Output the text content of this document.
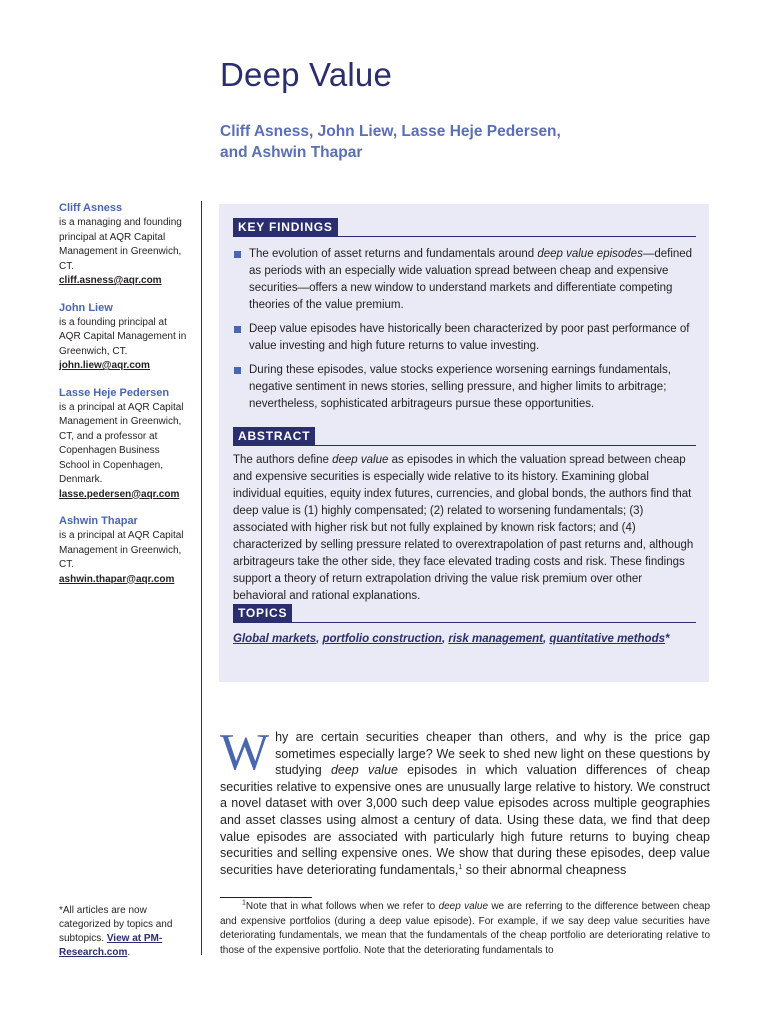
Deep Value
Cliff Asness, John Liew, Lasse Heje Pedersen,
and Ashwin Thapar
Cliff Asness
is a managing and founding principal at AQR Capital Management in Greenwich, CT.
cliff.asness@aqr.com
John Liew
is a founding principal at AQR Capital Management in Greenwich, CT.
john.liew@aqr.com
Lasse Heje Pedersen
is a principal at AQR Capital Management in Greenwich, CT, and a professor at Copenhagen Business School in Copenhagen, Denmark.
lasse.pedersen@aqr.com
Ashwin Thapar
is a principal at AQR Capital Management in Greenwich, CT.
ashwin.thapar@aqr.com
*All articles are now categorized by topics and subtopics. View at PM-Research.com.
KEY FINDINGS
The evolution of asset returns and fundamentals around deep value episodes—defined as periods with an especially wide valuation spread between cheap and expensive securities—offers a new window to understand markets and differentiate competing theories of the value premium.
Deep value episodes have historically been characterized by poor past performance of value investing and high future returns to value investing.
During these episodes, value stocks experience worsening earnings fundamentals, negative sentiment in news stories, selling pressure, and higher limits to arbitrage; nevertheless, sophisticated arbitrageurs pursue these opportunities.
ABSTRACT
The authors define deep value as episodes in which the valuation spread between cheap and expensive securities is especially wide relative to its history. Examining global individual equities, equity index futures, currencies, and global bonds, the authors find that deep value is (1) highly compensated; (2) related to worsening fundamentals; (3) associated with higher risk but not fully explained by known risk factors; and (4) characterized by selling pressure related to overextrapolation of past returns and, although arbitrageurs take the other side, they face elevated trading costs and risk. These findings support a theory of return extrapolation driving the value risk premium over other behavioral and rational explanations.
TOPICS
Global markets, portfolio construction, risk management, quantitative methods*
Why are certain securities cheaper than others, and why is the price gap sometimes especially large? We seek to shed new light on these questions by studying deep value episodes in which valuation differences of cheap securities relative to expensive ones are unusually large relative to history. We construct a novel dataset with over 3,000 such deep value episodes across multiple geographies and asset classes using almost a century of data. Using these data, we find that deep value episodes are associated with particularly high future returns to buying cheap securities and selling expensive ones. We show that during these episodes, deep value securities have deteriorating fundamentals,$^1$ so their abnormal cheapness
$^1$Note that in what follows when we refer to deep value we are referring to the difference between cheap and expensive portfolios (during a deep value episode). For example, if we say deep value securities have deteriorating fundamentals, we mean that the fundamentals of the cheap portfolio are deteriorating relative to those of the expensive portfolio. Note that the deteriorating fundamentals to
